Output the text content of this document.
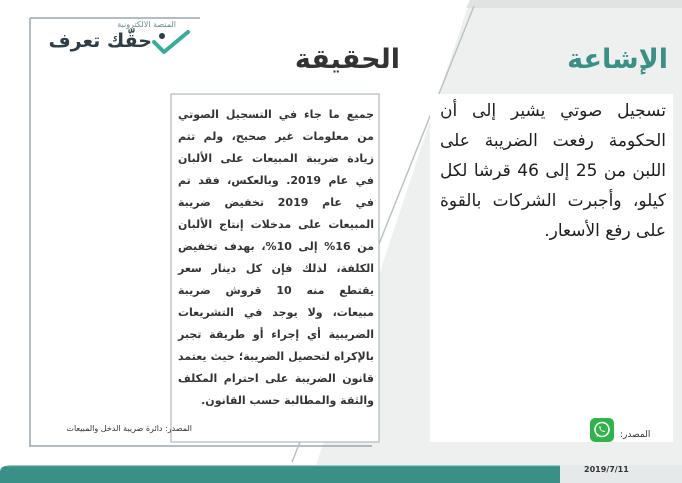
المنصة الالكترونية
حقّك تعرف
الإشاعة
الحقيقة
تسجيل صوتي يشير إلى أن الحكومة رفعت الضريبة على اللبن من 25 إلى 46 قرشا لكل كيلو، وأجبرت الشركات بالقوة على رفع الأسعار.
جميع ما جاء في التسجيل الصوتي من معلومات غير صحيح، ولم تتم زيادة ضريبة المبيعات على الألبان في عام 2019. وبالعكس، فقد تم في عام 2019 تخفيض ضريبة المبيعات على مدخلات إنتاج الألبان من 16% إلى 10%، بهدف تخفيض الكلفة، لذلك فإن كل دينار سعر يقتطع منه 10 قروش ضريبة مبيعات، ولا يوجد في التشريعات الضريبية أي إجراء أو طريقة تجبر بالإكراه لتحصيل الضريبة؛ حيث يعتمد قانون الضريبة على احترام المكلف والثقة والمطالبة حسب القانون.
المصدر: دائرة ضريبة الدخل والمبيعات
المصدر:
2019/7/11
